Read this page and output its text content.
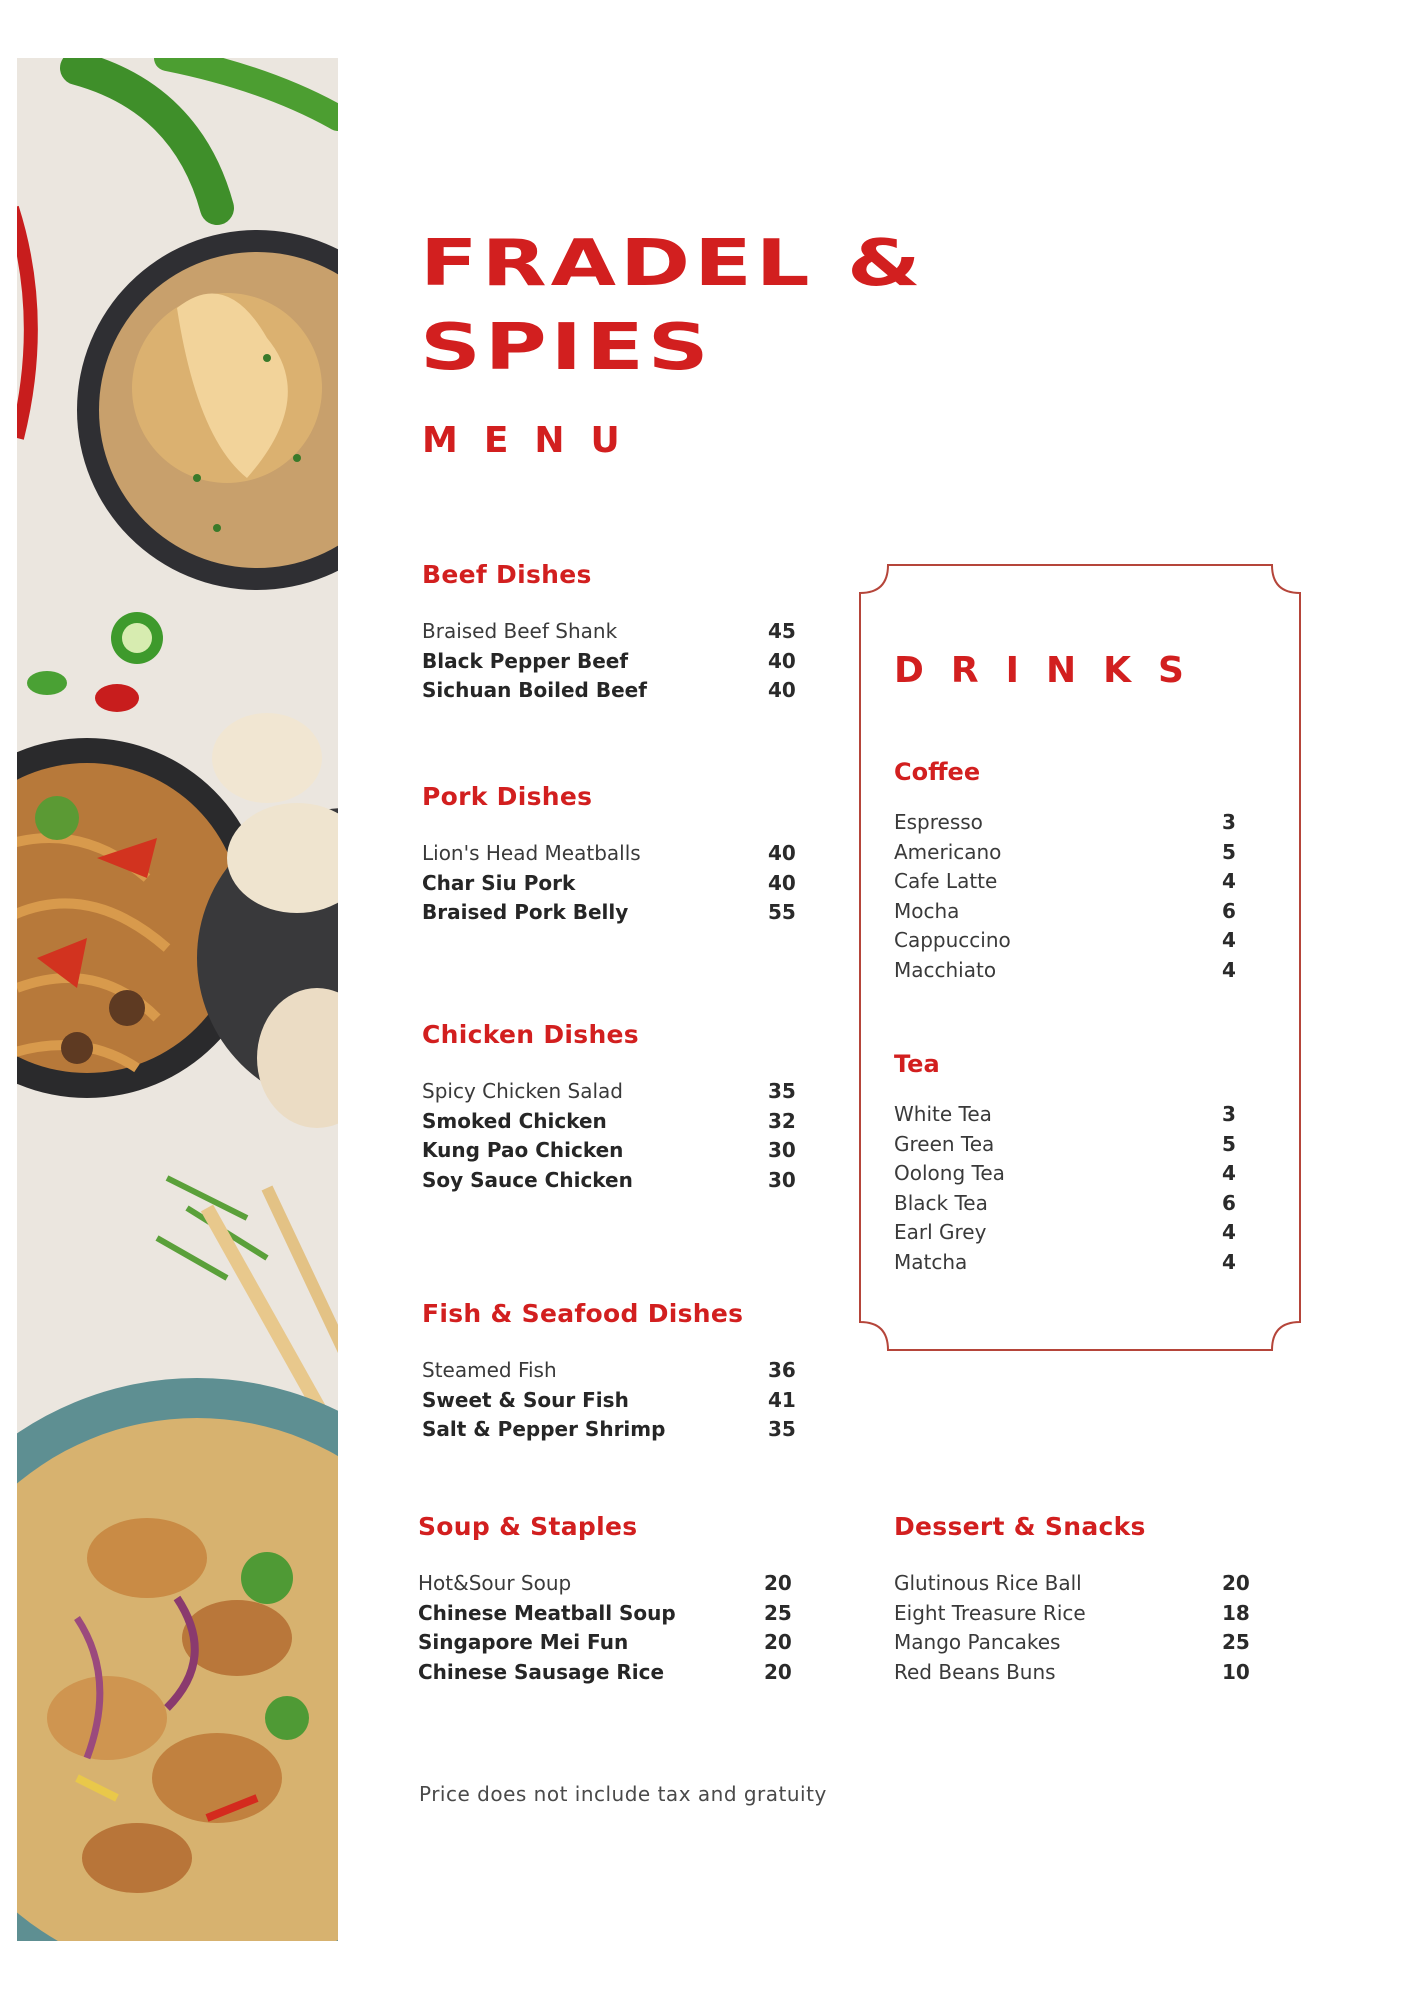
FRADEL &
SPIES
MENU
Beef Dishes
Braised Beef Shank	45
Black Pepper Beef	40
Sichuan Boiled Beef	40
Pork Dishes
Lion's Head Meatballs	40
Char Siu Pork	40
Braised Pork Belly	55
Chicken Dishes
Spicy Chicken Salad	35
Smoked Chicken	32
Kung Pao Chicken	30
Soy Sauce Chicken	30
Fish & Seafood Dishes
Steamed Fish	36
Sweet & Sour Fish	41
Salt & Pepper Shrimp	35
Soup & Staples
Hot&Sour Soup	20
Chinese Meatball Soup	25
Singapore Mei Fun	20
Chinese Sausage Rice	20
DRINKS
Coffee
Espresso	3
Americano	5
Cafe Latte	4
Mocha	6
Cappuccino	4
Macchiato	4
Tea
White Tea	3
Green Tea	5
Oolong Tea	4
Black Tea	6
Earl Grey	4
Matcha	4
Dessert & Snacks
Glutinous Rice Ball	20
Eight Treasure Rice	18
Mango Pancakes	25
Red Beans Buns	10
Price does not include tax and gratuity
